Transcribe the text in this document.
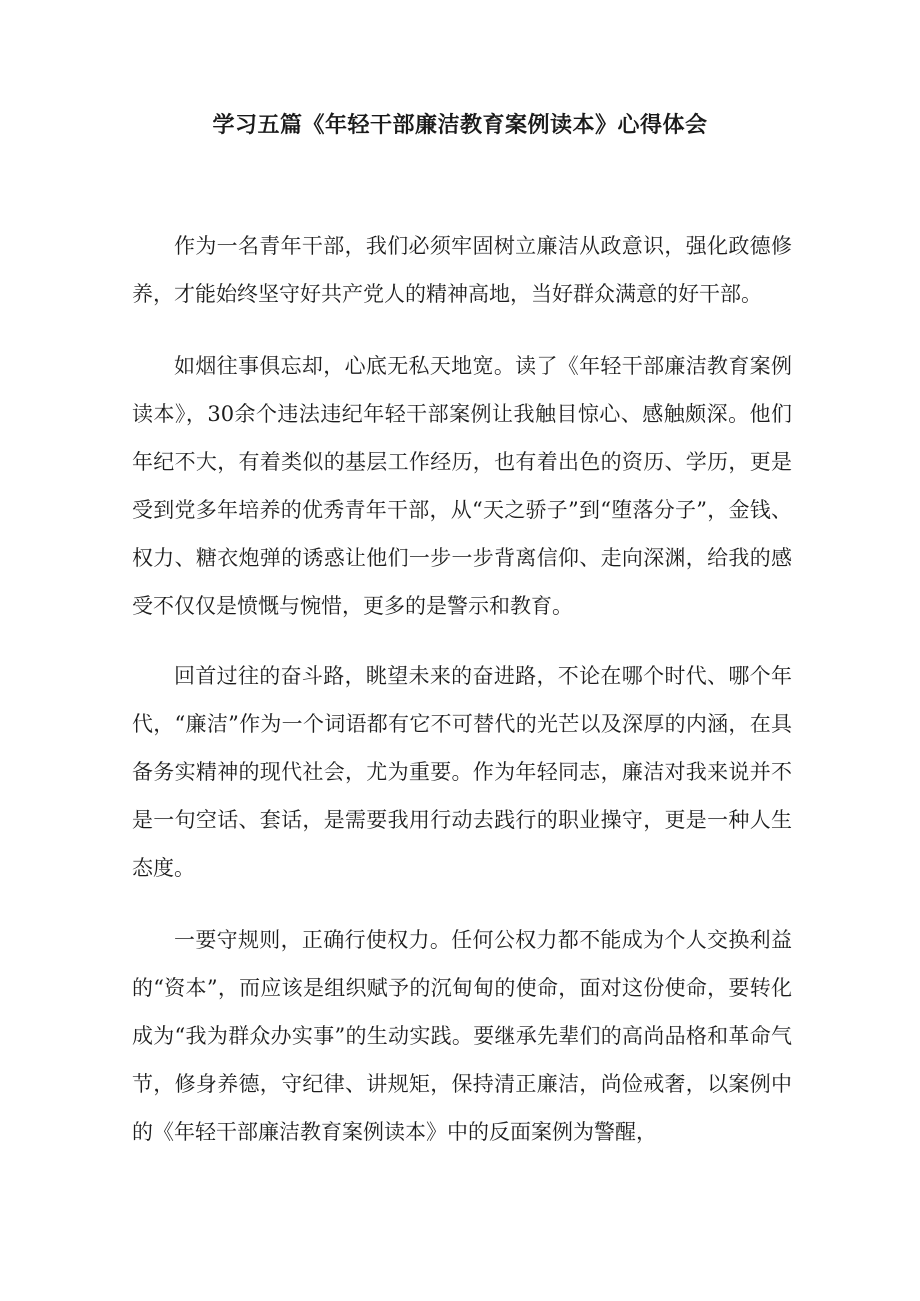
学习五篇《年轻干部廉洁教育案例读本》心得体会

作为一名青年干部，我们必须牢固树立廉洁从政意识，强化政德修养，才能始终坚守好共产党人的精神高地，当好群众满意的好干部。

如烟往事俱忘却，心底无私天地宽。读了《年轻干部廉洁教育案例读本》，30余个违法违纪年轻干部案例让我触目惊心、感触颇深。他们年纪不大，有着类似的基层工作经历，也有着出色的资历、学历，更是受到党多年培养的优秀青年干部，从“天之骄子”到“堕落分子”，金钱、权力、糖衣炮弹的诱惑让他们一步一步背离信仰、走向深渊，给我的感受不仅仅是愤慨与惋惜，更多的是警示和教育。

回首过往的奋斗路，眺望未来的奋进路，不论在哪个时代、哪个年代，“廉洁”作为一个词语都有它不可替代的光芒以及深厚的内涵，在具备务实精神的现代社会，尤为重要。作为年轻同志，廉洁对我来说并不是一句空话、套话，是需要我用行动去践行的职业操守，更是一种人生态度。

一要守规则，正确行使权力。任何公权力都不能成为个人交换利益的“资本”，而应该是组织赋予的沉甸甸的使命，面对这份使命，要转化成为“我为群众办实事”的生动实践。要继承先辈们的高尚品格和革命气节，修身养德，守纪律、讲规矩，保持清正廉洁，尚俭戒奢，以案例中的《年轻干部廉洁教育案例读本》中的反面案例为警醒，
